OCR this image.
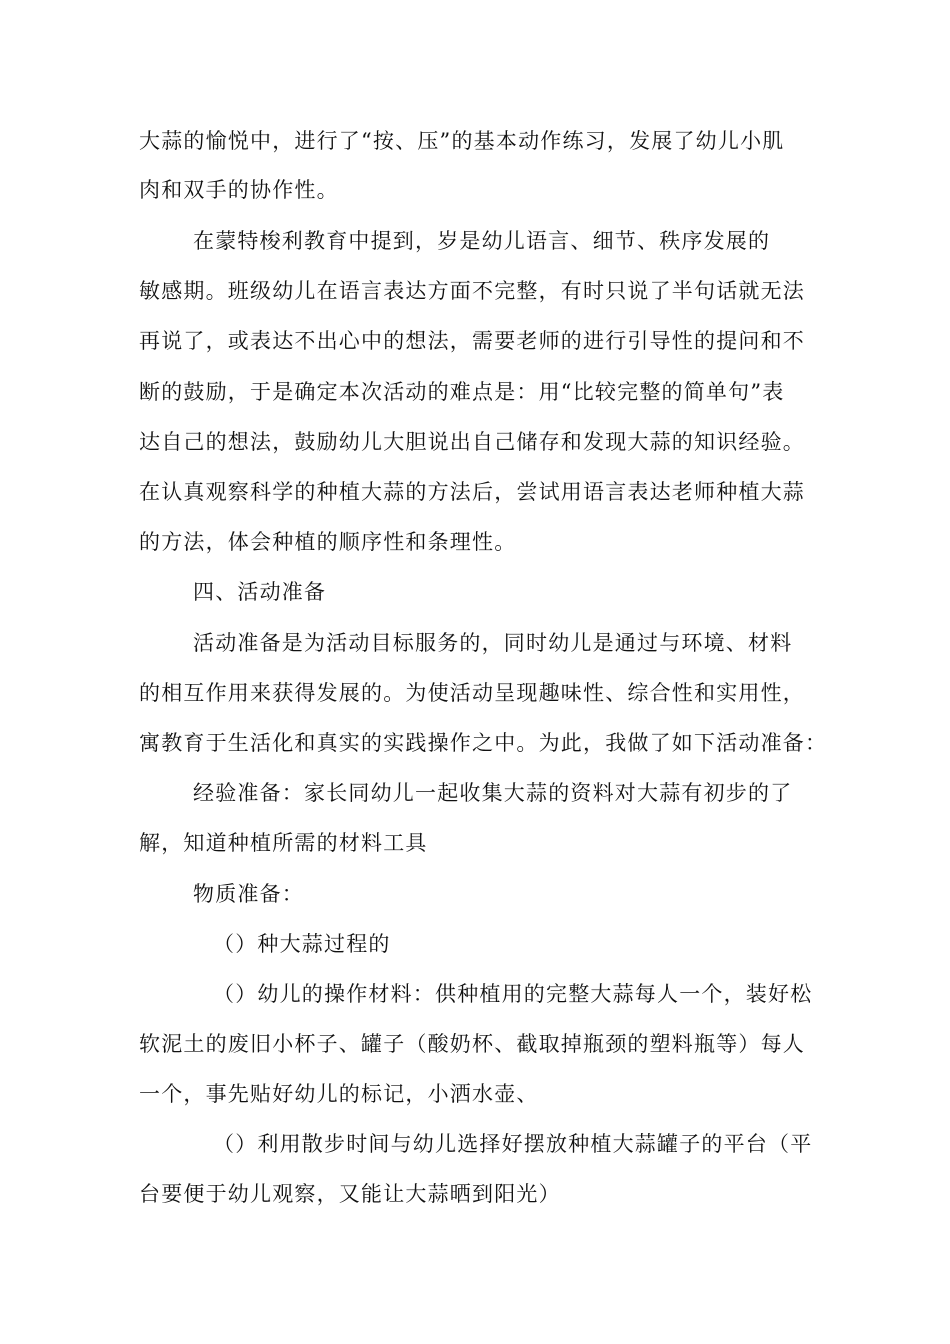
大蒜的愉悦中，进行了“按、压”的基本动作练习，发展了幼儿小肌
肉和双手的协作性。
在蒙特梭利教育中提到，岁是幼儿语言、细节、秩序发展的
敏感期。班级幼儿在语言表达方面不完整，有时只说了半句话就无法
再说了，或表达不出心中的想法，需要老师的进行引导性的提问和不
断的鼓励，于是确定本次活动的难点是：用“比较完整的简单句”表
达自己的想法，鼓励幼儿大胆说出自己储存和发现大蒜的知识经验。
在认真观察科学的种植大蒜的方法后，尝试用语言表达老师种植大蒜
的方法，体会种植的顺序性和条理性。
四、活动准备
活动准备是为活动目标服务的，同时幼儿是通过与环境、材料
的相互作用来获得发展的。为使活动呈现趣味性、综合性和实用性，
寓教育于生活化和真实的实践操作之中。为此，我做了如下活动准备：
经验准备：家长同幼儿一起收集大蒜的资料对大蒜有初步的了
解，知道种植所需的材料工具
物质准备：
（）种大蒜过程的
（）幼儿的操作材料：供种植用的完整大蒜每人一个，装好松
软泥土的废旧小杯子、罐子（酸奶杯、截取掉瓶颈的塑料瓶等）每人
一个，事先贴好幼儿的标记，小洒水壶、
（）利用散步时间与幼儿选择好摆放种植大蒜罐子的平台（平
台要便于幼儿观察，又能让大蒜晒到阳光）
